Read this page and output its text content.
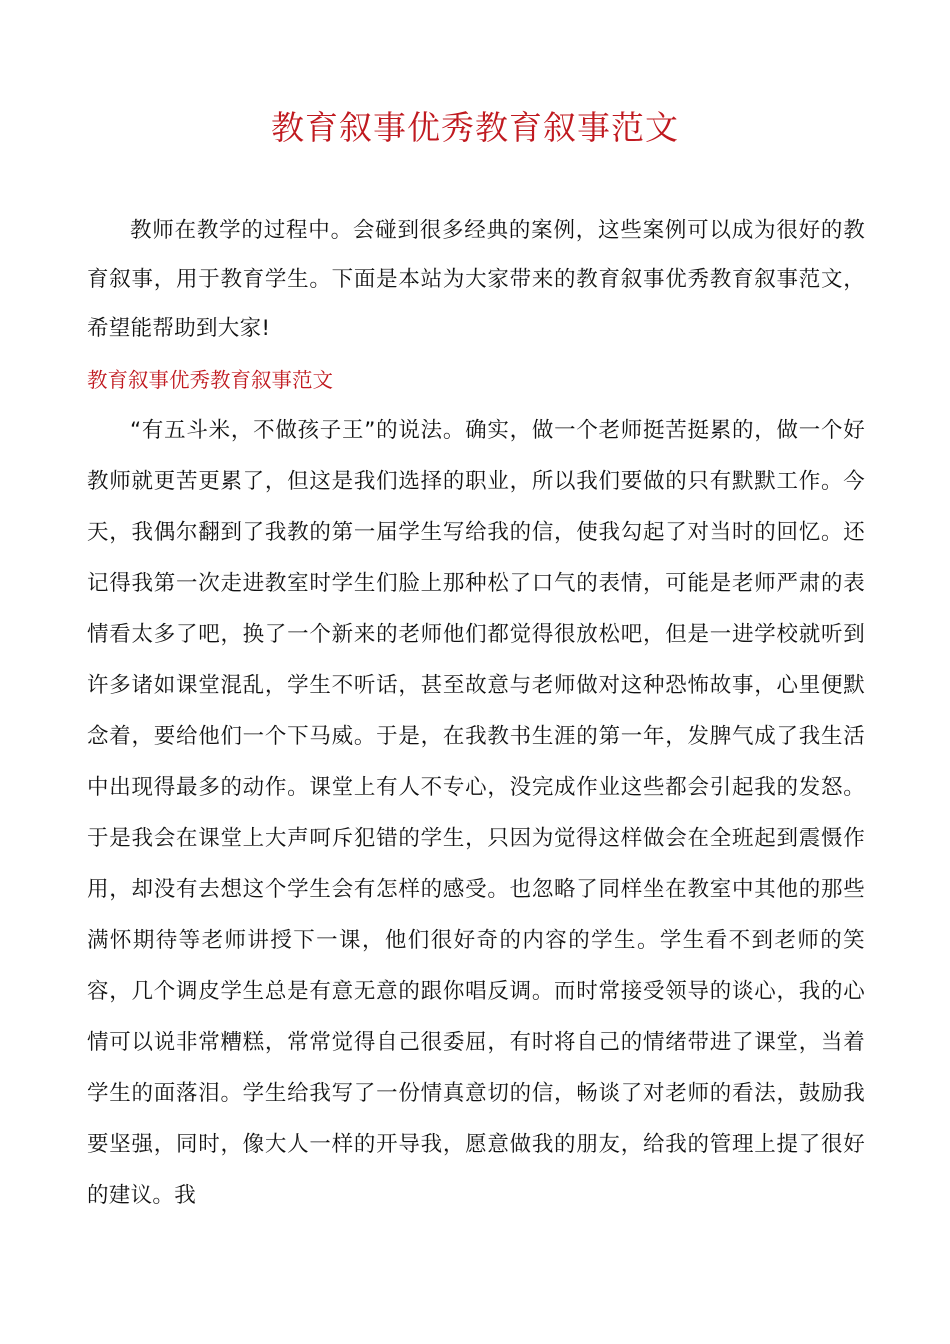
教育叙事优秀教育叙事范文

教师在教学的过程中。会碰到很多经典的案例，这些案例可以成为很好的教育叙事，用于教育学生。下面是本站为大家带来的教育叙事优秀教育叙事范文，希望能帮助到大家!

教育叙事优秀教育叙事范文

“有五斗米，不做孩子王”的说法。确实，做一个老师挺苦挺累的，做一个好教师就更苦更累了，但这是我们选择的职业，所以我们要做的只有默默工作。今天，我偶尔翻到了我教的第一届学生写给我的信，使我勾起了对当时的回忆。还记得我第一次走进教室时学生们脸上那种松了口气的表情，可能是老师严肃的表情看太多了吧，换了一个新来的老师他们都觉得很放松吧，但是一进学校就听到许多诸如课堂混乱，学生不听话，甚至故意与老师做对这种恐怖故事，心里便默念着，要给他们一个下马威。于是，在我教书生涯的第一年，发脾气成了我生活中出现得最多的动作。课堂上有人不专心，没完成作业这些都会引起我的发怒。于是我会在课堂上大声呵斥犯错的学生，只因为觉得这样做会在全班起到震慑作用，却没有去想这个学生会有怎样的感受。也忽略了同样坐在教室中其他的那些满怀期待等老师讲授下一课，他们很好奇的内容的学生。学生看不到老师的笑容，几个调皮学生总是有意无意的跟你唱反调。而时常接受领导的谈心，我的心情可以说非常糟糕，常常觉得自己很委屈，有时将自己的情绪带进了课堂，当着学生的面落泪。学生给我写了一份情真意切的信，畅谈了对老师的看法，鼓励我要坚强，同时，像大人一样的开导我，愿意做我的朋友，给我的管理上提了很好的建议。我
